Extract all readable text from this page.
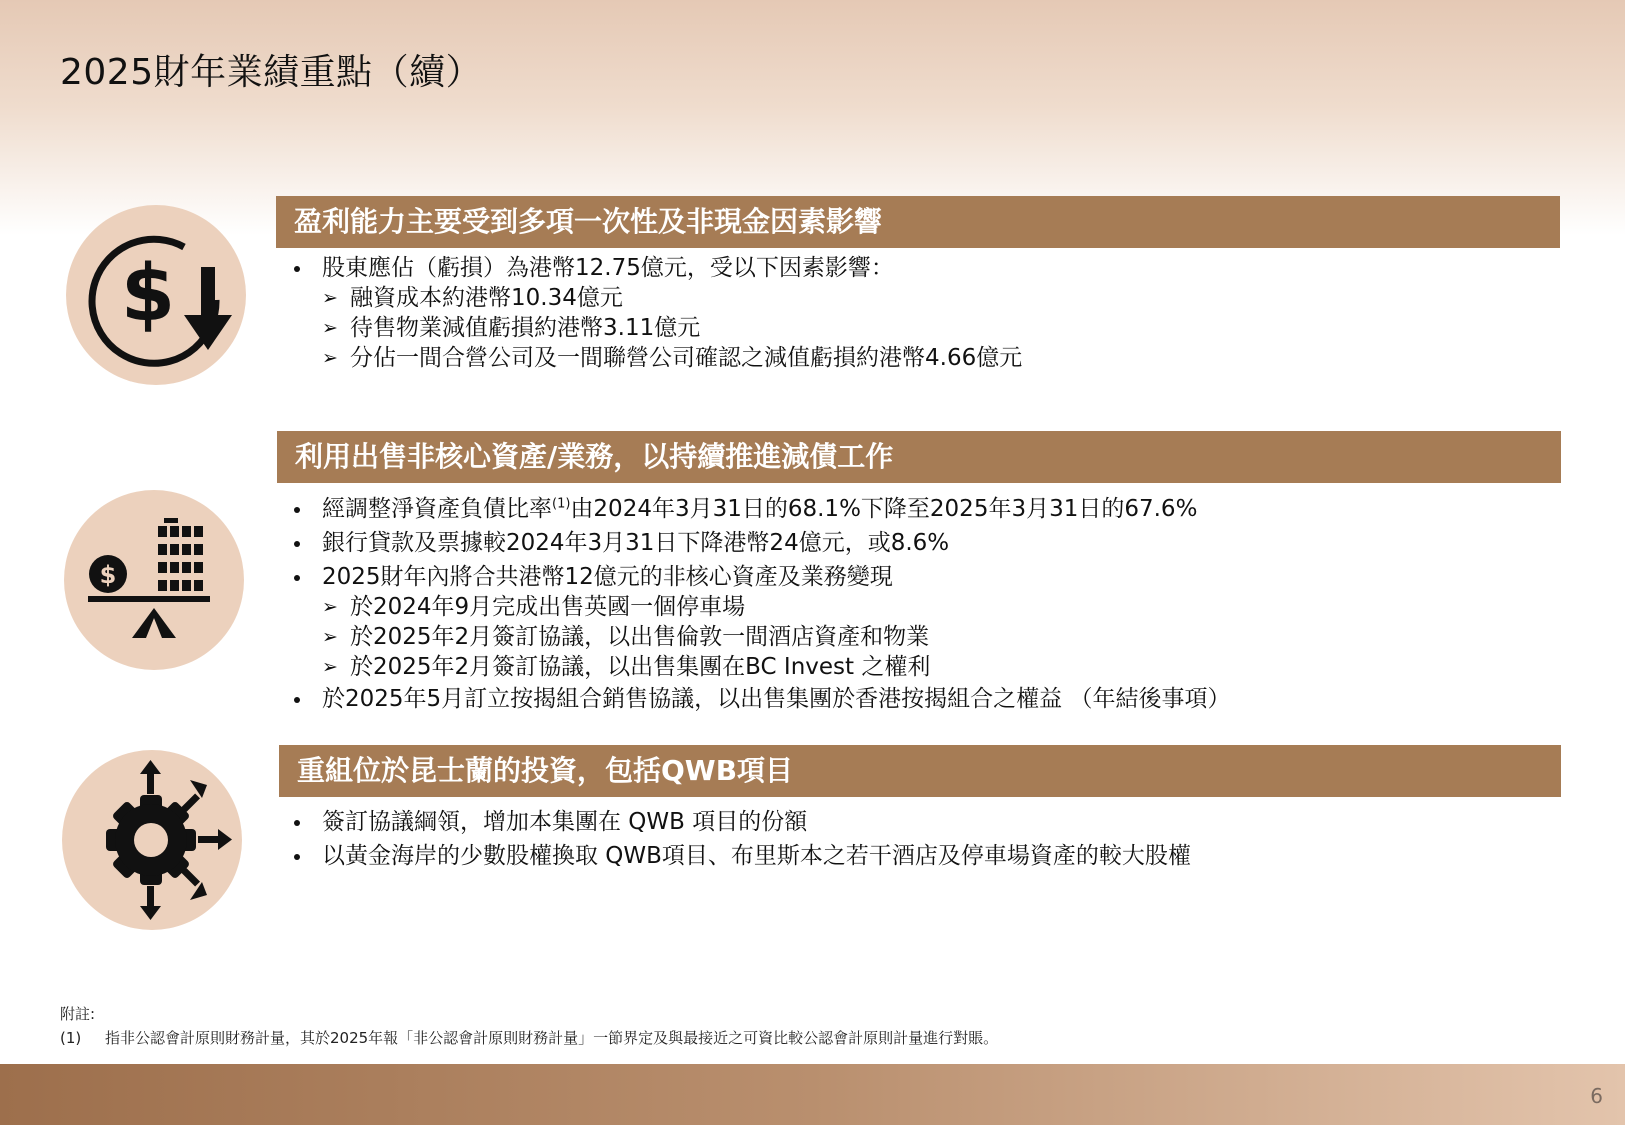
2025財年業績重點（續）
$
盈利能力主要受到多項一次性及非現金因素影響
股東應佔（虧損）為港幣12.75億元，受以下因素影響：
➢ 融資成本約港幣10.34億元
➢ 待售物業減值虧損約港幣3.11億元
➢ 分佔一間合營公司及一間聯營公司確認之減值虧損約港幣4.66億元
$
利用出售非核心資產/業務，以持續推進減債工作
經調整淨資產負債比率$^{(1)}$由2024年3月31日的68.1%下降至2025年3月31日的67.6%
銀行貸款及票據較2024年3月31日下降港幣24億元，或8.6%
2025財年內將合共港幣12億元的非核心資產及業務變現
➢ 於2024年9月完成出售英國一個停車場
➢ 於2025年2月簽訂協議，以出售倫敦一間酒店資產和物業
➢ 於2025年2月簽訂協議，以出售集團在BC Invest 之權利
於2025年5月訂立按揭組合銷售協議，以出售集團於香港按揭組合之權益 （年結後事項）
重組位於昆士蘭的投資，包括QWB項目
簽訂協議綱領，增加本集團在 QWB 項目的份額
以黃金海岸的少數股權換取 QWB項目、布里斯本之若干酒店及停車場資產的較大股權
附註:
(1) 指非公認會計原則財務計量，其於2025年報「非公認會計原則財務計量」一節界定及與最接近之可資比較公認會計原則計量進行對賬。
6
